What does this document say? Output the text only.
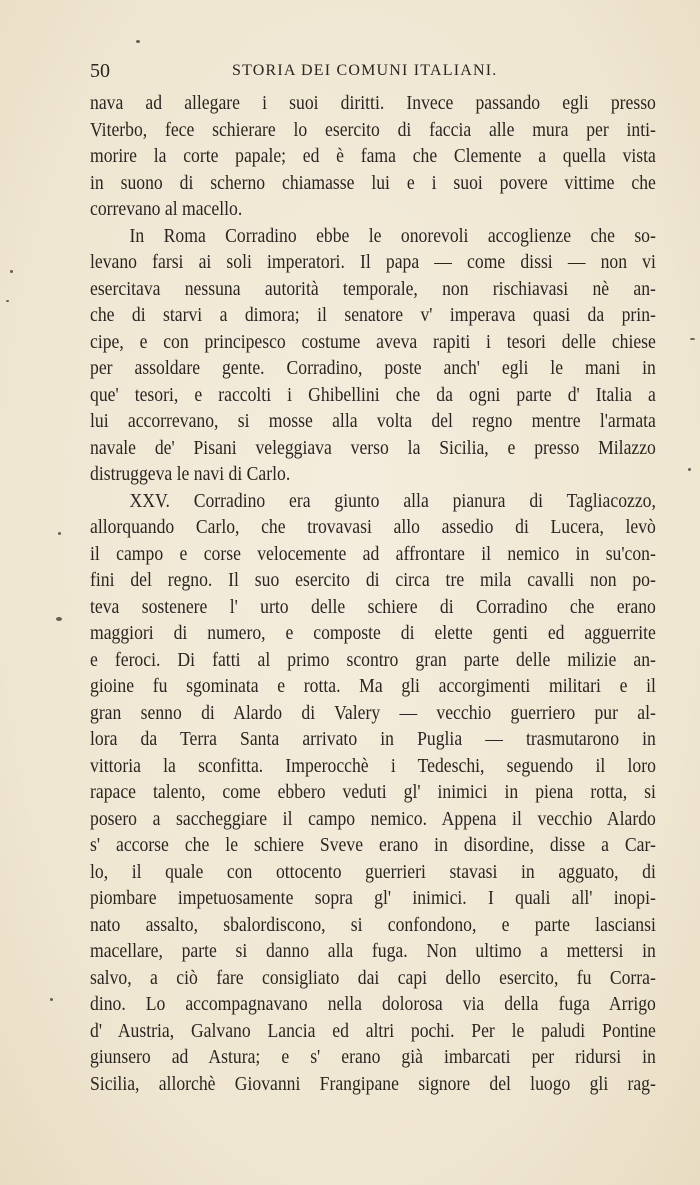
50	STORIA DEI COMUNI ITALIANI.
nava ad allegare i suoi diritti. Invece passando egli presso
Viterbo, fece schierare lo esercito di faccia alle mura per inti-
morire la corte papale; ed è fama che Clemente a quella vista
in suono di scherno chiamasse lui e i suoi povere vittime che
correvano al macello.
In Roma Corradino ebbe le onorevoli accoglienze che so-
levano farsi ai soli imperatori. Il papa — come dissi — non vi
esercitava nessuna autorità temporale, non rischiavasi nè an-
che di starvi a dimora; il senatore v' imperava quasi da prin-
cipe, e con principesco costume aveva rapiti i tesori delle chiese
per assoldare gente. Corradino, poste anch' egli le mani in
que' tesori, e raccolti i Ghibellini che da ogni parte d' Italia a
lui accorrevano, si mosse alla volta del regno mentre l'armata
navale de' Pisani veleggiava verso la Sicilia, e presso Milazzo
distruggeva le navi di Carlo.
XXV. Corradino era giunto alla pianura di Tagliacozzo,
allorquando Carlo, che trovavasi allo assedio di Lucera, levò
il campo e corse velocemente ad affrontare il nemico in su'con-
fini del regno. Il suo esercito di circa tre mila cavalli non po-
teva sostenere l' urto delle schiere di Corradino che erano
maggiori di numero, e composte di elette genti ed agguerrite
e feroci. Di fatti al primo scontro gran parte delle milizie an-
gioine fu sgominata e rotta. Ma gli accorgimenti militari e il
gran senno di Alardo di Valery — vecchio guerriero pur al-
lora da Terra Santa arrivato in Puglia — trasmutarono in
vittoria la sconfitta. Imperocchè i Tedeschi, seguendo il loro
rapace talento, come ebbero veduti gl' inimici in piena rotta, si
posero a saccheggiare il campo nemico. Appena il vecchio Alardo
s' accorse che le schiere Sveve erano in disordine, disse a Car-
lo, il quale con ottocento guerrieri stavasi in agguato, di
piombare impetuosamente sopra gl' inimici. I quali all' inopi-
nato assalto, sbalordiscono, si confondono, e parte lasciansi
macellare, parte si danno alla fuga. Non ultimo a mettersi in
salvo, a ciò fare consigliato dai capi dello esercito, fu Corra-
dino. Lo accompagnavano nella dolorosa via della fuga Arrigo
d' Austria, Galvano Lancia ed altri pochi. Per le paludi Pontine
giunsero ad Astura; e s' erano già imbarcati per ridursi in
Sicilia, allorchè Giovanni Frangipane signore del luogo gli rag-
